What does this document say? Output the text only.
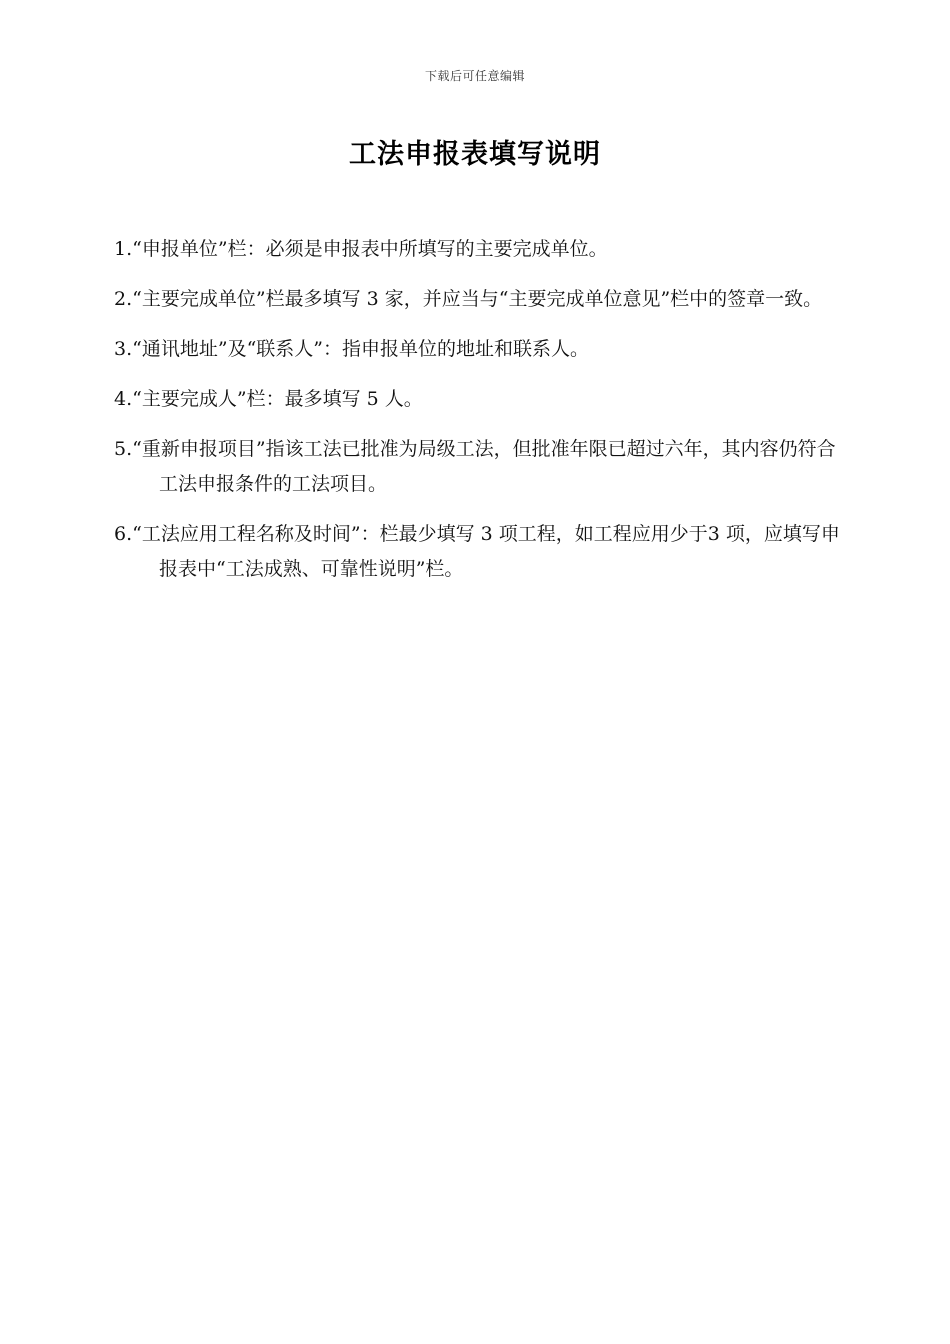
下载后可任意编辑
工法申报表填写说明
1.“申报单位”栏：必须是申报表中所填写的主要完成单位。
2.“主要完成单位”栏最多填写 3 家，并应当与“主要完成单位意见”栏中的签章一致。
3.“通讯地址”及“联系人”：指申报单位的地址和联系人。
4.“主要完成人”栏：最多填写 5 人。
5.“重新申报项目”指该工法已批准为局级工法，但批准年限已超过六年，其内容仍符合工法申报条件的工法项目。
6.“工法应用工程名称及时间”：栏最少填写 3 项工程，如工程应用少于3 项，应填写申报表中“工法成熟、可靠性说明”栏。
